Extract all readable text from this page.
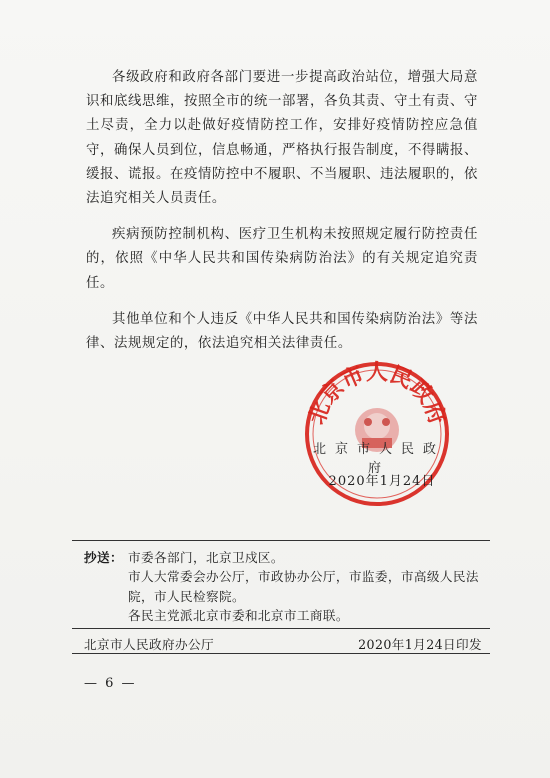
各级政府和政府各部门要进一步提高政治站位，增强大局意识和底线思维，按照全市的统一部署，各负其责、守土有责、守土尽责，全力以赴做好疫情防控工作，安排好疫情防控应急值守，确保人员到位，信息畅通，严格执行报告制度，不得瞒报、缓报、谎报。在疫情防控中不履职、不当履职、违法履职的，依法追究相关人员责任。

疾病预防控制机构、医疗卫生机构未按照规定履行防控责任的，依照《中华人民共和国传染病防治法》的有关规定追究责任。

其他单位和个人违反《中华人民共和国传染病防治法》等法律、法规规定的，依法追究相关法律责任。

北京市人民政府
北京市人民政府
2020年1月24日
抄送： 市委各部门，北京卫戍区。
市人大常委会办公厅，市政协办公厅，市监委，市高级人民法院，市人民检察院。
各民主党派北京市委和北京市工商联。
北京市人民政府办公厅	2020年1月24日印发
— 6 —
